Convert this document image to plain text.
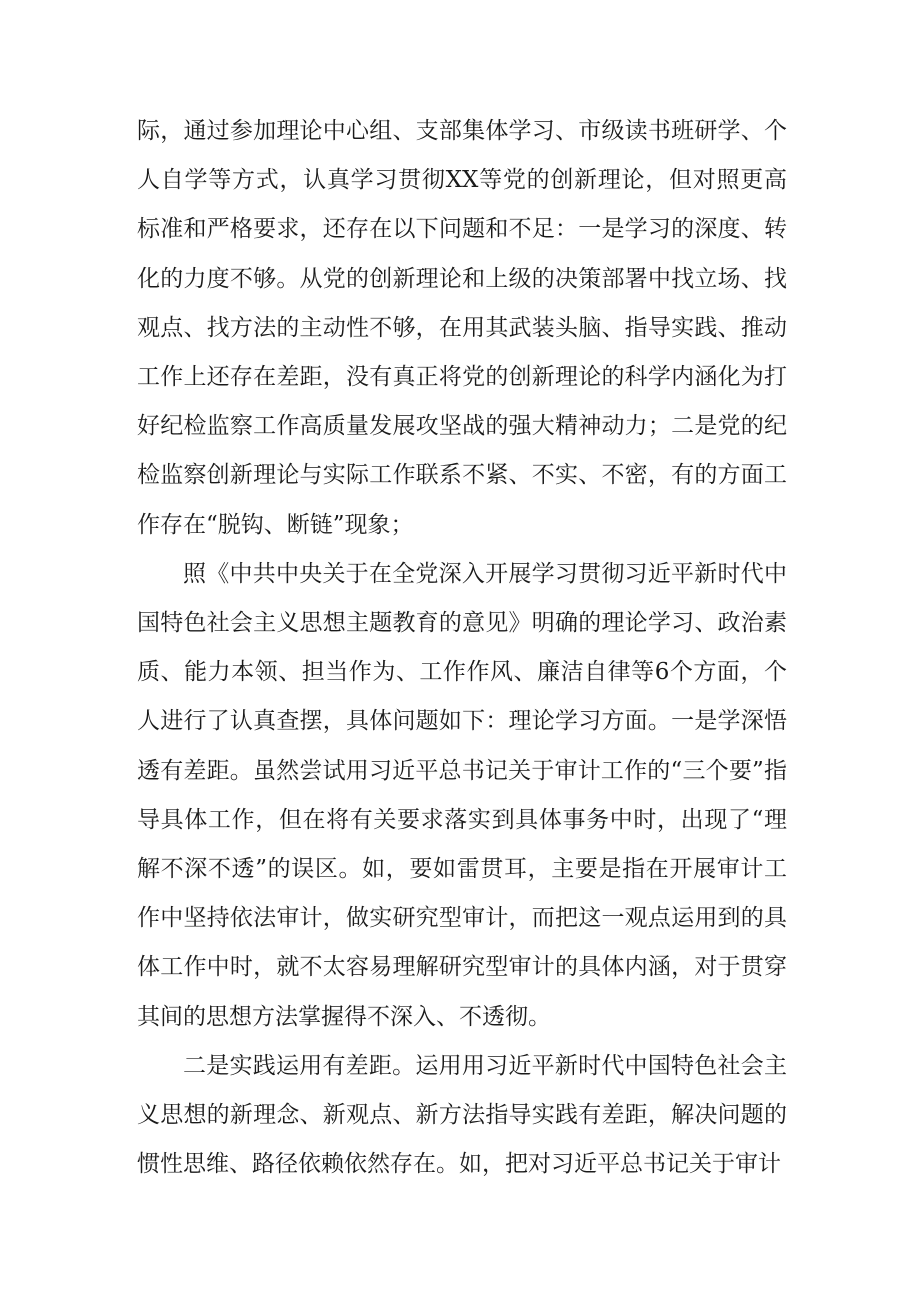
际，通过参加理论中心组、支部集体学习、市级读书班研学、个人自学等方式，认真学习贯彻XX等党的创新理论，但对照更高标准和严格要求，还存在以下问题和不足：一是学习的深度、转化的力度不够。从党的创新理论和上级的决策部署中找立场、找观点、找方法的主动性不够，在用其武装头脑、指导实践、推动工作上还存在差距，没有真正将党的创新理论的科学内涵化为打好纪检监察工作高质量发展攻坚战的强大精神动力；二是党的纪检监察创新理论与实际工作联系不紧、不实、不密，有的方面工作存在“脱钩、断链”现象；

照《中共中央关于在全党深入开展学习贯彻习近平新时代中国特色社会主义思想主题教育的意见》明确的理论学习、政治素质、能力本领、担当作为、工作作风、廉洁自律等6个方面，个人进行了认真查摆，具体问题如下：理论学习方面。一是学深悟透有差距。虽然尝试用习近平总书记关于审计工作的“三个要”指导具体工作，但在将有关要求落实到具体事务中时，出现了“理解不深不透”的误区。如，要如雷贯耳，主要是指在开展审计工作中坚持依法审计，做实研究型审计，而把这一观点运用到的具体工作中时，就不太容易理解研究型审计的具体内涵，对于贯穿其间的思想方法掌握得不深入、不透彻。

二是实践运用有差距。运用用习近平新时代中国特色社会主义思想的新理念、新观点、新方法指导实践有差距，解决问题的惯性思维、路径依赖依然存在。如，把对习近平总书记关于审计
